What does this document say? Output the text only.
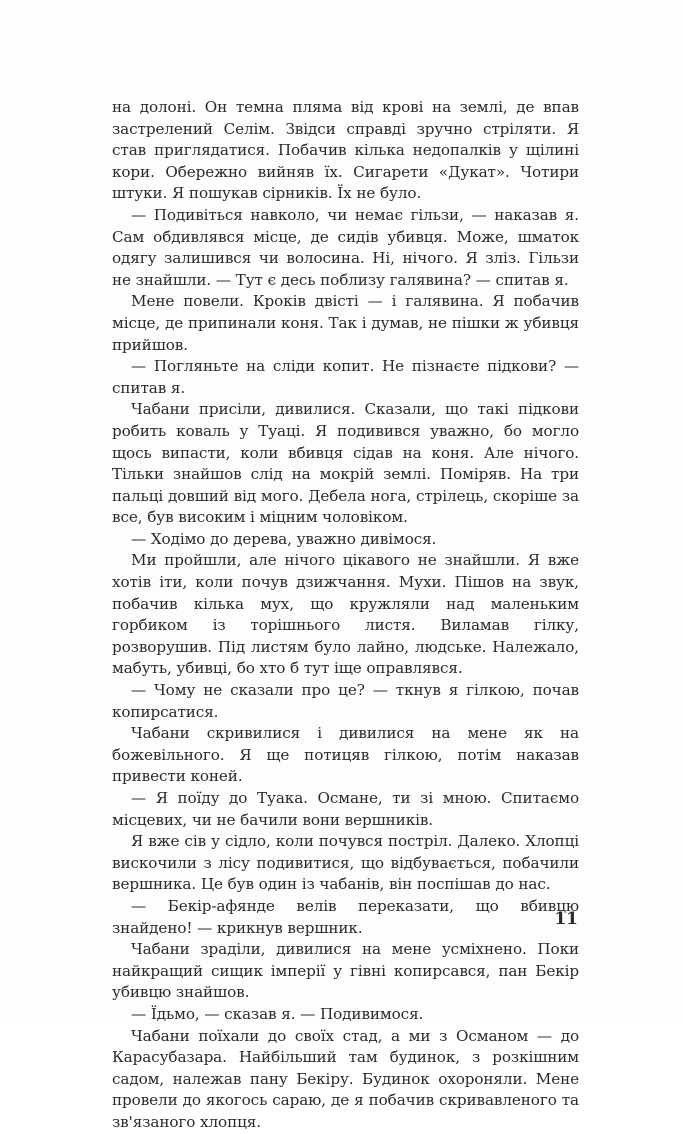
на долоні. Он темна пляма від крові на землі, де впав застрелений Селім. Звідси справді зручно стріляти. Я став приглядатися. Побачив кілька недопалків у щілині кори. Обережно вийняв їх. Сигарети «Дукат». Чотири штуки. Я пошукав сірників. Їх не було.

— Подивіться навколо, чи немає гільзи, — наказав я. Сам обдивлявся місце, де сидів убивця. Може, шматок одягу залишився чи волосина. Ні, нічого. Я зліз. Гільзи не знайшли. — Тут є десь поблизу галявина? — спитав я.

Мене повели. Кроків двісті — і галявина. Я побачив місце, де припинали коня. Так і думав, не пішки ж убивця прийшов.

— Погляньте на сліди копит. Не пізнаєте підкови? — спитав я.

Чабани присіли, дивилися. Сказали, що такі підкови робить коваль у Туаці. Я подивився уважно, бо могло щось випасти, коли вбивця сідав на коня. Але нічого. Тільки знайшов слід на мокрій землі. Поміряв. На три пальці довший від мого. Дебела нога, стрілець, скоріше за все, був високим і міцним чоловіком.

— Ходімо до дерева, уважно дивімося.

Ми пройшли, але нічого цікавого не знайшли. Я вже хотів іти, коли почув дзижчання. Мухи. Пішов на звук, побачив кілька мух, що кружляли над маленьким горбиком із торішнього листя. Виламав гілку, розворушив. Під листям було лайно, людське. Належало, мабуть, убивці, бо хто б тут іще оправлявся.

— Чому не сказали про це? — ткнув я гілкою, почав копирсатися.

Чабани скривилися і дивилися на мене як на божевільного. Я ще потицяв гілкою, потім наказав привести коней.

— Я поїду до Туака. Османе, ти зі мною. Спитаємо місцевих, чи не бачили вони вершників.

Я вже сів у сідло, коли почувся постріл. Далеко. Хлопці вискочили з лісу подивитися, що відбувається, побачили вершника. Це був один із чабанів, він поспішав до нас.

— Бекір-афянде велів переказати, що вбивцю знайдено! — крикнув вершник.

Чабани зраділи, дивилися на мене усміхнено. Поки найкращий сищик імперії у гівні копирсався, пан Бекір убивцю знайшов.

— Їдьмо, — сказав я. — Подивимося.

Чабани поїхали до своїх стад, а ми з Османом — до Карасубазара. Найбільший там будинок, з розкішним садом, належав пану Бекіру. Будинок охороняли. Мене провели до якогось сараю, де я побачив скривавленого та зв'язаного хлопця.

11
